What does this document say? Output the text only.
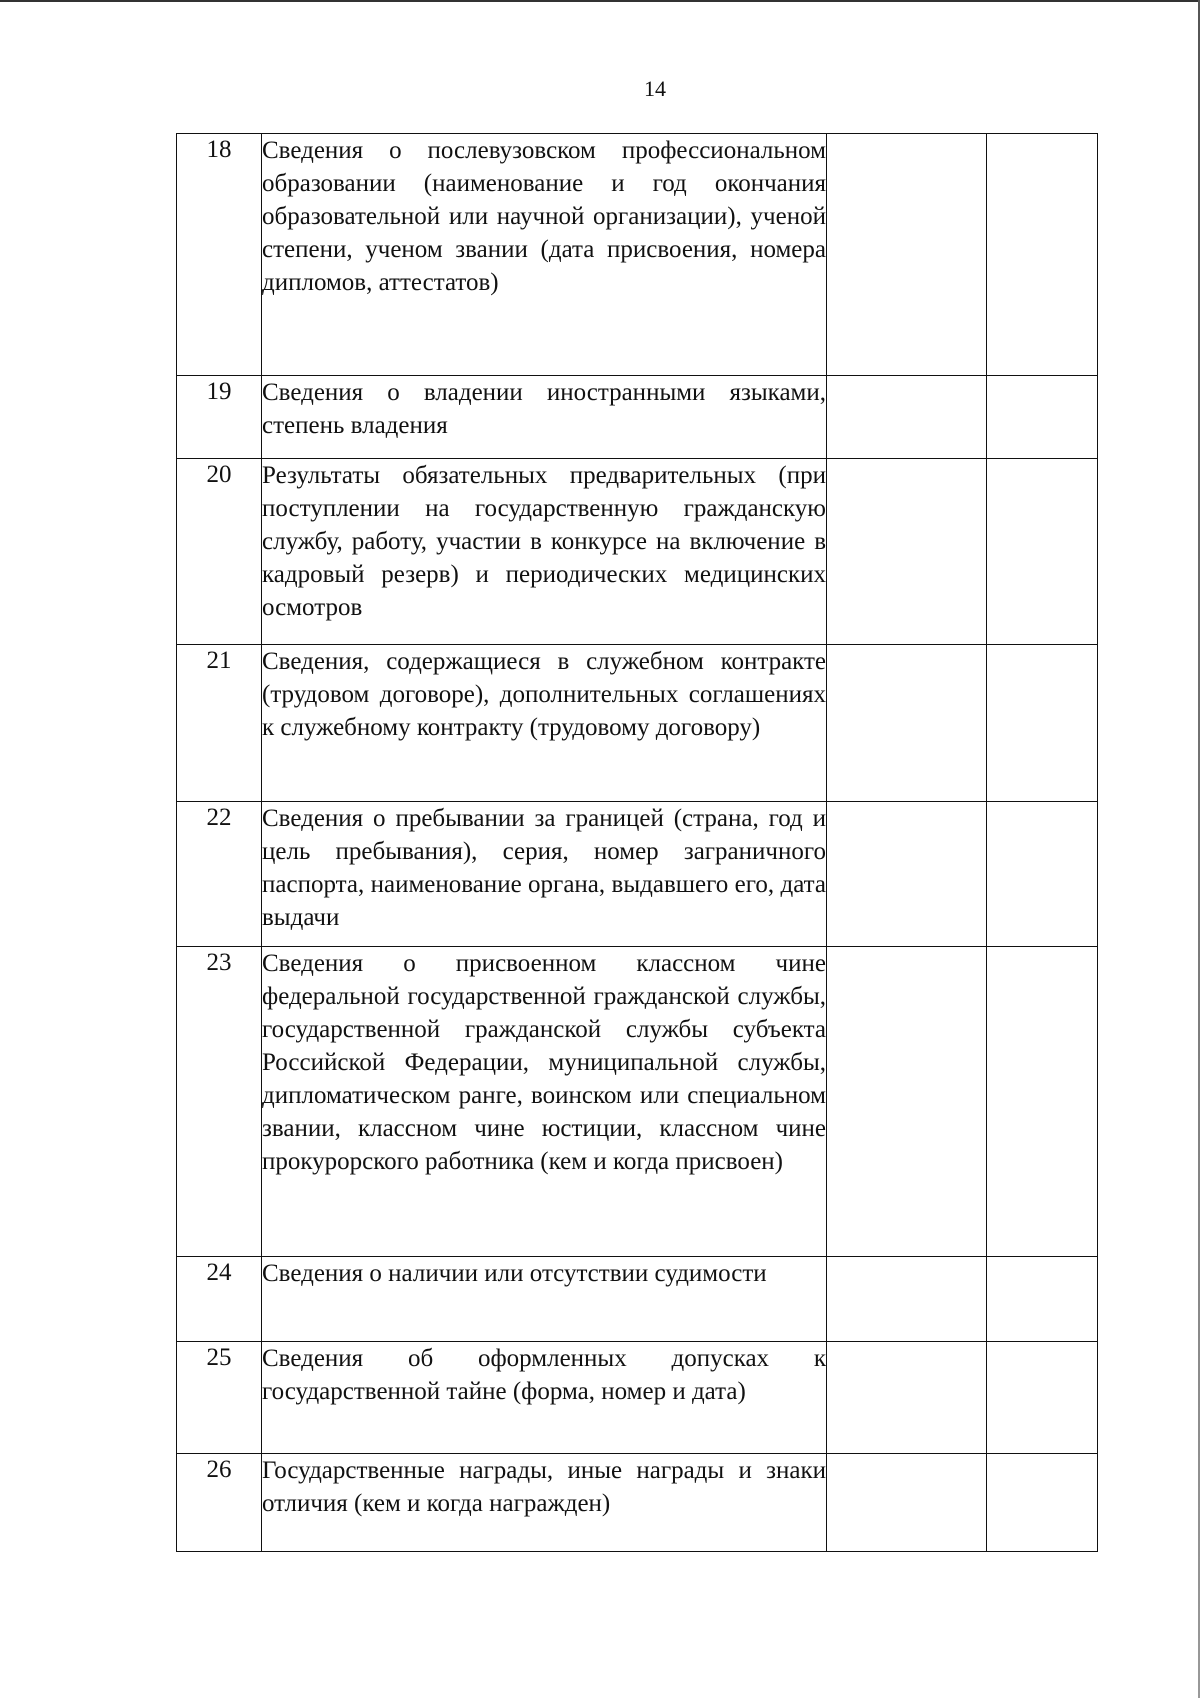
14
18	Сведения о послевузовском профессиональном образовании (наименование и год окончания образовательной или научной организации), ученой степени, ученом звании (дата присвоения, номера дипломов, аттестатов)		

19	Сведения о владении иностранными языками, степень владения		

20	Результаты обязательных предварительных (при поступлении на государственную гражданскую службу, работу, участии в конкурсе на включение в кадровый резерв) и периодических медицинских осмотров		

21	Сведения, содержащиеся в служебном контракте (трудовом договоре), дополнительных соглашениях к служебному контракту (трудовому договору)		

22	Сведения о пребывании за границей (страна, год и цель пребывания), серия, номер заграничного паспорта, наименование органа, выдавшего его, дата выдачи		

23	Сведения о присвоенном классном чине федеральной государственной гражданской службы, государственной гражданской службы субъекта Российской Федерации, муниципальной службы, дипломатическом ранге, воинском или специальном звании, классном чине юстиции, классном чине прокурорского работника (кем и когда присвоен)		

24	Сведения о наличии или отсутствии судимости		

25	Сведения об оформленных допусках к государственной тайне (форма, номер и дата)		

26	Государственные награды, иные награды и знаки отличия (кем и когда награжден)		
